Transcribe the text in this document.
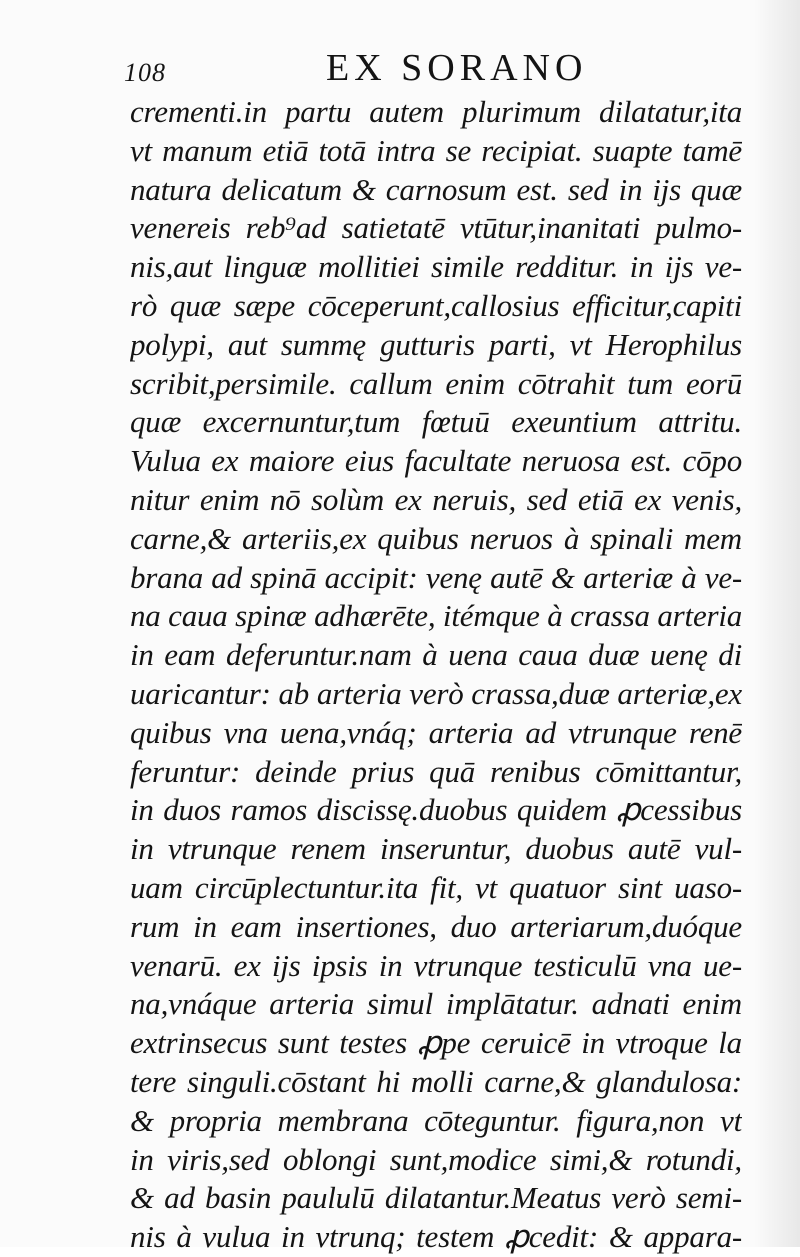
108	EX SORANO
crementi.in partu autem plurimum dilatatur,ita
vt manum etiā totā intra se recipiat. suapte tamē
natura delicatum & carnosum est. sed in ijs quæ
venereis reb⁹ad satietatē vtūtur,inanitati pulmo-
nis,aut linguæ mollitiei simile redditur. in ijs ve-
rò quæ sæpe cōceperunt,callosius efficitur,capiti
polypi, aut summę gutturis parti, vt Herophilus
scribit,persimile. callum enim cōtrahit tum eorū
quæ excernuntur,tum fœtuū exeuntium attritu.
Vulua ex maiore eius facultate neruosa est. cōpo
nitur enim nō solùm ex neruis, sed etiā ex venis,
carne,& arteriis,ex quibus neruos à spinali mem
brana ad spinā accipit: venę autē & arteriæ à ve-
na caua spinæ adhærēte, itémque à crassa arteria
in eam deferuntur.nam à uena caua duæ uenę di
uaricantur: ab arteria verò crassa,duæ arteriæ,ex
quibus vna uena,vnáq; arteria ad vtrunque renē
feruntur: deinde prius quā renibus cōmittantur,
in duos ramos discissę.duobus quidem ꝓcessibus
in vtrunque renem inseruntur, duobus autē vul-
uam circūplectuntur.ita fit, vt quatuor sint uaso-
rum in eam insertiones, duo arteriarum,duóque
venarū. ex ijs ipsis in vtrunque testiculū vna ue-
na,vnáque arteria simul implātatur. adnati enim
extrinsecus sunt testes ꝓpe ceruicē in vtroque la
tere singuli.cōstant hi molli carne,& glandulosa:
& propria membrana cōteguntur. figura,non vt
in viris,sed oblongi sunt,modice simi,& rotundi,
& ad basin paululū dilatantur.Meatus verò semi-
nis à vulua in vtrunq; testem ꝓcedit: & appara-
